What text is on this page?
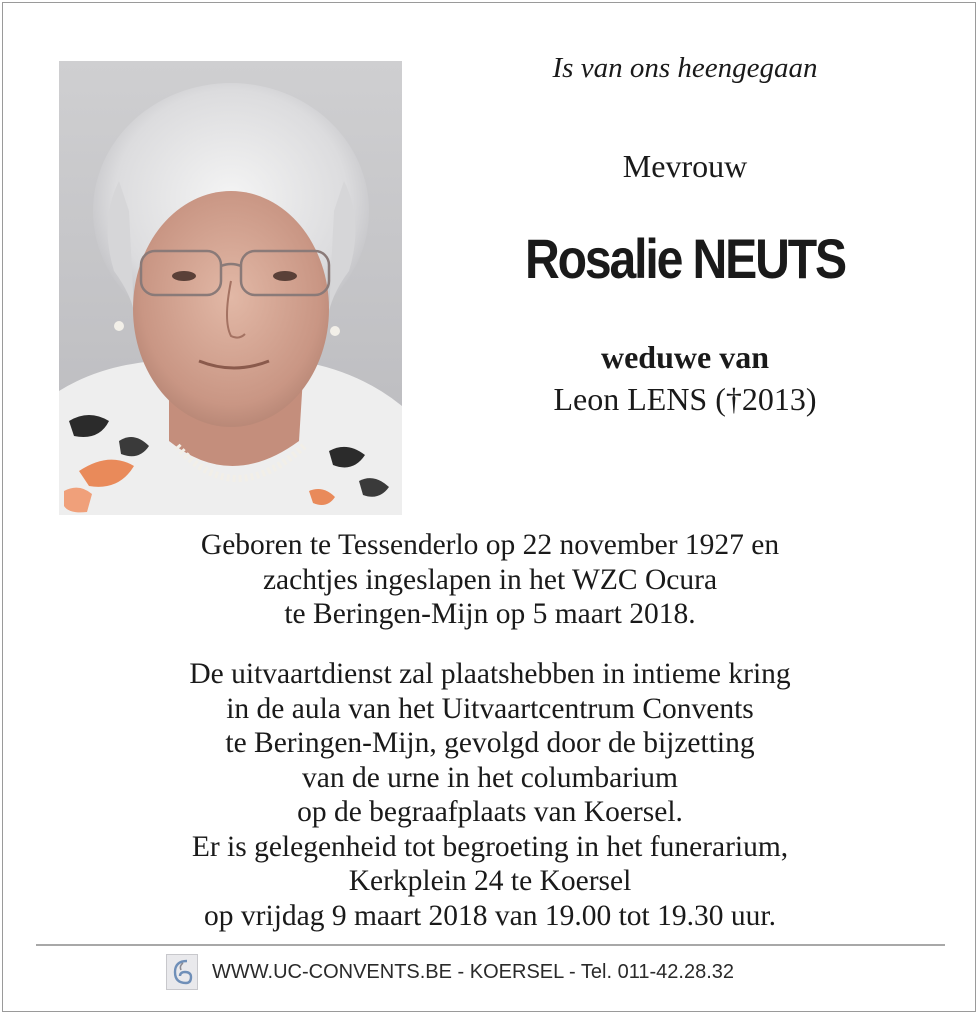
Is van ons heengegaan
Mevrouw
Rosalie NEUTS
weduwe van
Leon LENS (†2013)
Geboren te Tessenderlo op 22 november 1927 en
zachtjes ingeslapen in het WZC Ocura
te Beringen-Mijn op 5 maart 2018.
De uitvaartdienst zal plaatshebben in intieme kring
in de aula van het Uitvaartcentrum Convents
te Beringen-Mijn, gevolgd door de bijzetting
van de urne in het columbarium
op de begraafplaats van Koersel.
Er is gelegenheid tot begroeting in het funerarium,
Kerkplein 24 te Koersel
op vrijdag 9 maart 2018 van 19.00 tot 19.30 uur.
WWW.UC-CONVENTS.BE - KOERSEL - Tel. 011-42.28.32
